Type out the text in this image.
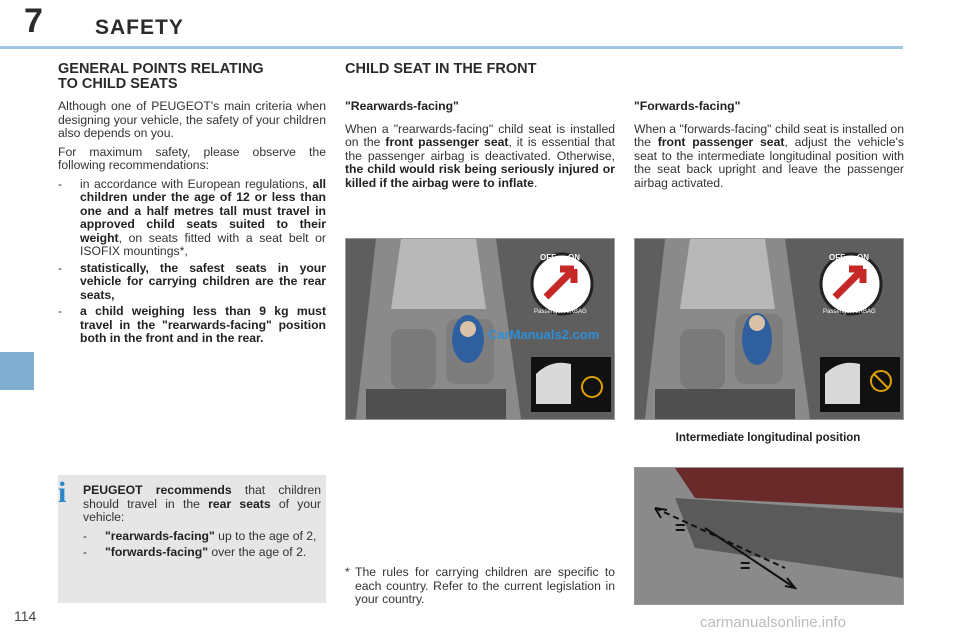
7 SAFETY
114
GENERAL POINTS RELATING
TO CHILD SEATS

Although one of PEUGEOT's main criteria when designing your vehicle, the safety of your children also depends on you.

For maximum safety, please observe the following recommendations:

-	in accordance with European regulations, all children under the age of 12 or less than one and a half metres tall must travel in approved child seats suited to their weight, on seats fitted with a seat belt or ISOFIX mountings*,
-	statistically, the safest seats in your vehicle for carrying children are the rear seats,
-	a child weighing less than 9 kg must travel in the "rearwards-facing" position both in the front and in the rear.
i	PEUGEOT recommends that children should travel in the rear seats of your vehicle:

-	"rearwards-facing" up to the age of 2,
-	"forwards-facing" over the age of 2.
CHILD SEAT IN THE FRONT
"Rearwards-facing"

When a "rearwards-facing" child seat is installed on the front passenger seat, it is essential that the passenger airbag is deactivated. Otherwise, the child would risk being seriously injured or killed if the airbag were to inflate.

"Forwards-facing"

When a "forwards-facing" child seat is installed on the front passenger seat, adjust the vehicle's seat to the intermediate longitudinal position with the seat back upright and leave the passenger airbag activated.

OFF ON
Passenger AIRBAG
CarManuals2.com
OFF ON
Passenger AIRBAG
Intermediate longitudinal position
=
=
* The rules for carrying children are specific to each country. Refer to the current legislation in your country.
carmanualsonline.info
